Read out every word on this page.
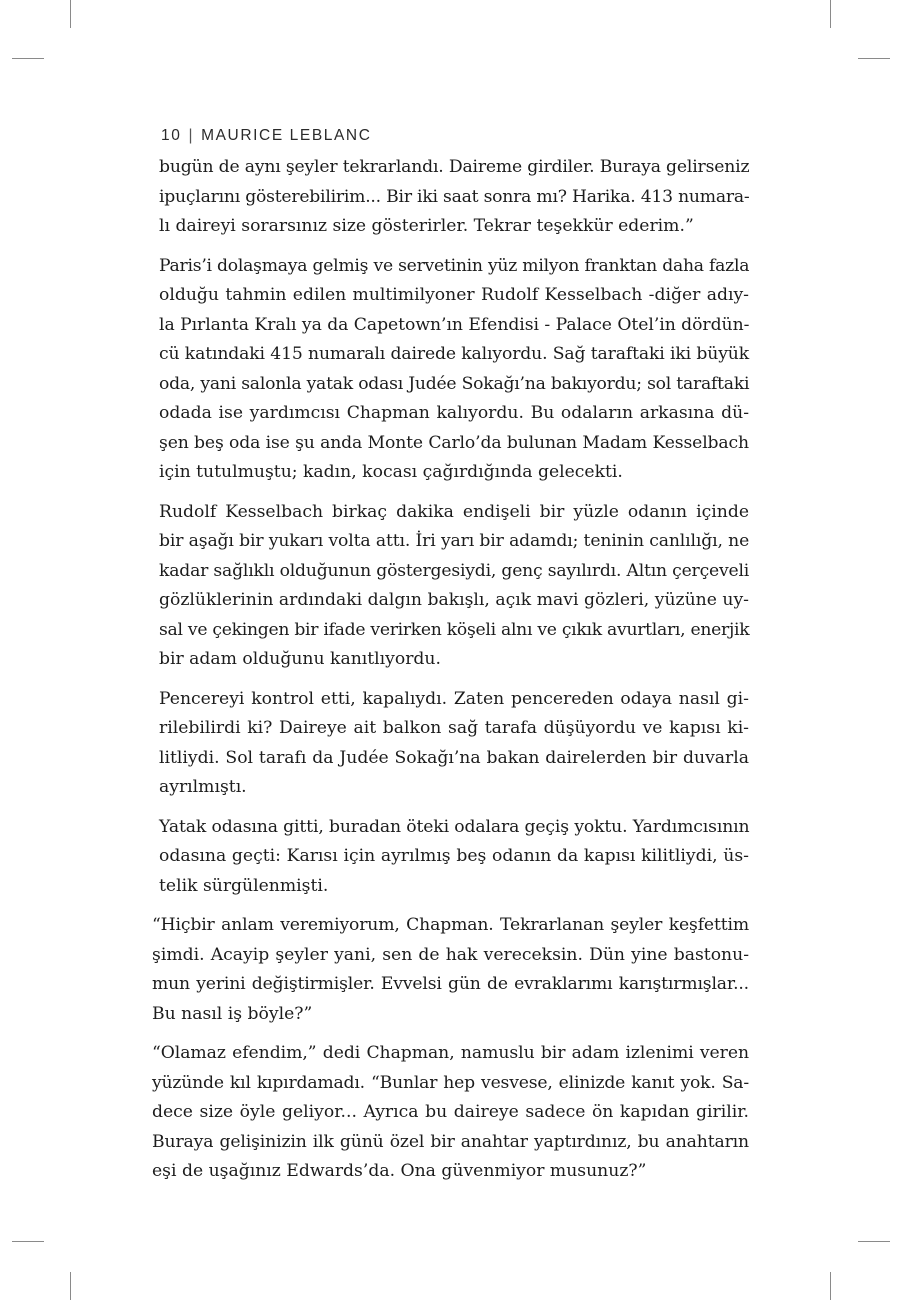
10 | MAURICE LEBLANC
bugün de aynı şeyler tekrarlandı. Daireme girdiler. Buraya gelirseniz
ipuçlarını gösterebilirim... Bir iki saat sonra mı? Harika. 413 numara-
lı daireyi sorarsınız size gösterirler. Tekrar teşekkür ederim.”
Paris’i dolaşmaya gelmiş ve servetinin yüz milyon franktan daha fazla
olduğu tahmin edilen multimilyoner Rudolf Kesselbach -diğer adıy-
la Pırlanta Kralı ya da Capetown’ın Efendisi - Palace Otel’in dördün-
cü katındaki 415 numaralı dairede kalıyordu. Sağ taraftaki iki büyük
oda, yani salonla yatak odası Judée Sokağı’na bakıyordu; sol taraftaki
odada ise yardımcısı Chapman kalıyordu. Bu odaların arkasına dü-
şen beş oda ise şu anda Monte Carlo’da bulunan Madam Kesselbach
için tutulmuştu; kadın, kocası çağırdığında gelecekti.
Rudolf Kesselbach birkaç dakika endişeli bir yüzle odanın içinde
bir aşağı bir yukarı volta attı. İri yarı bir adamdı; teninin canlılığı, ne
kadar sağlıklı olduğunun göstergesiydi, genç sayılırdı. Altın çerçeveli
gözlüklerinin ardındaki dalgın bakışlı, açık mavi gözleri, yüzüne uy-
sal ve çekingen bir ifade verirken köşeli alnı ve çıkık avurtları, enerjik
bir adam olduğunu kanıtlıyordu.
Pencereyi kontrol etti, kapalıydı. Zaten pencereden odaya nasıl gi-
rilebilirdi ki? Daireye ait balkon sağ tarafa düşüyordu ve kapısı ki-
litliydi. Sol tarafı da Judée Sokağı’na bakan dairelerden bir duvarla
ayrılmıştı.
Yatak odasına gitti, buradan öteki odalara geçiş yoktu. Yardımcısının
odasına geçti: Karısı için ayrılmış beş odanın da kapısı kilitliydi, üs-
telik sürgülenmişti.
“Hiçbir anlam veremiyorum, Chapman. Tekrarlanan şeyler keşfettim
şimdi. Acayip şeyler yani, sen de hak vereceksin. Dün yine bastonu-
mun yerini değiştirmişler. Evvelsi gün de evraklarımı karıştırmışlar...
Bu nasıl iş böyle?”
“Olamaz efendim,” dedi Chapman, namuslu bir adam izlenimi veren
yüzünde kıl kıpırdamadı. “Bunlar hep vesvese, elinizde kanıt yok. Sa-
dece size öyle geliyor... Ayrıca bu daireye sadece ön kapıdan girilir.
Buraya gelişinizin ilk günü özel bir anahtar yaptırdınız, bu anahtarın
eşi de uşağınız Edwards’da. Ona güvenmiyor musunuz?”
